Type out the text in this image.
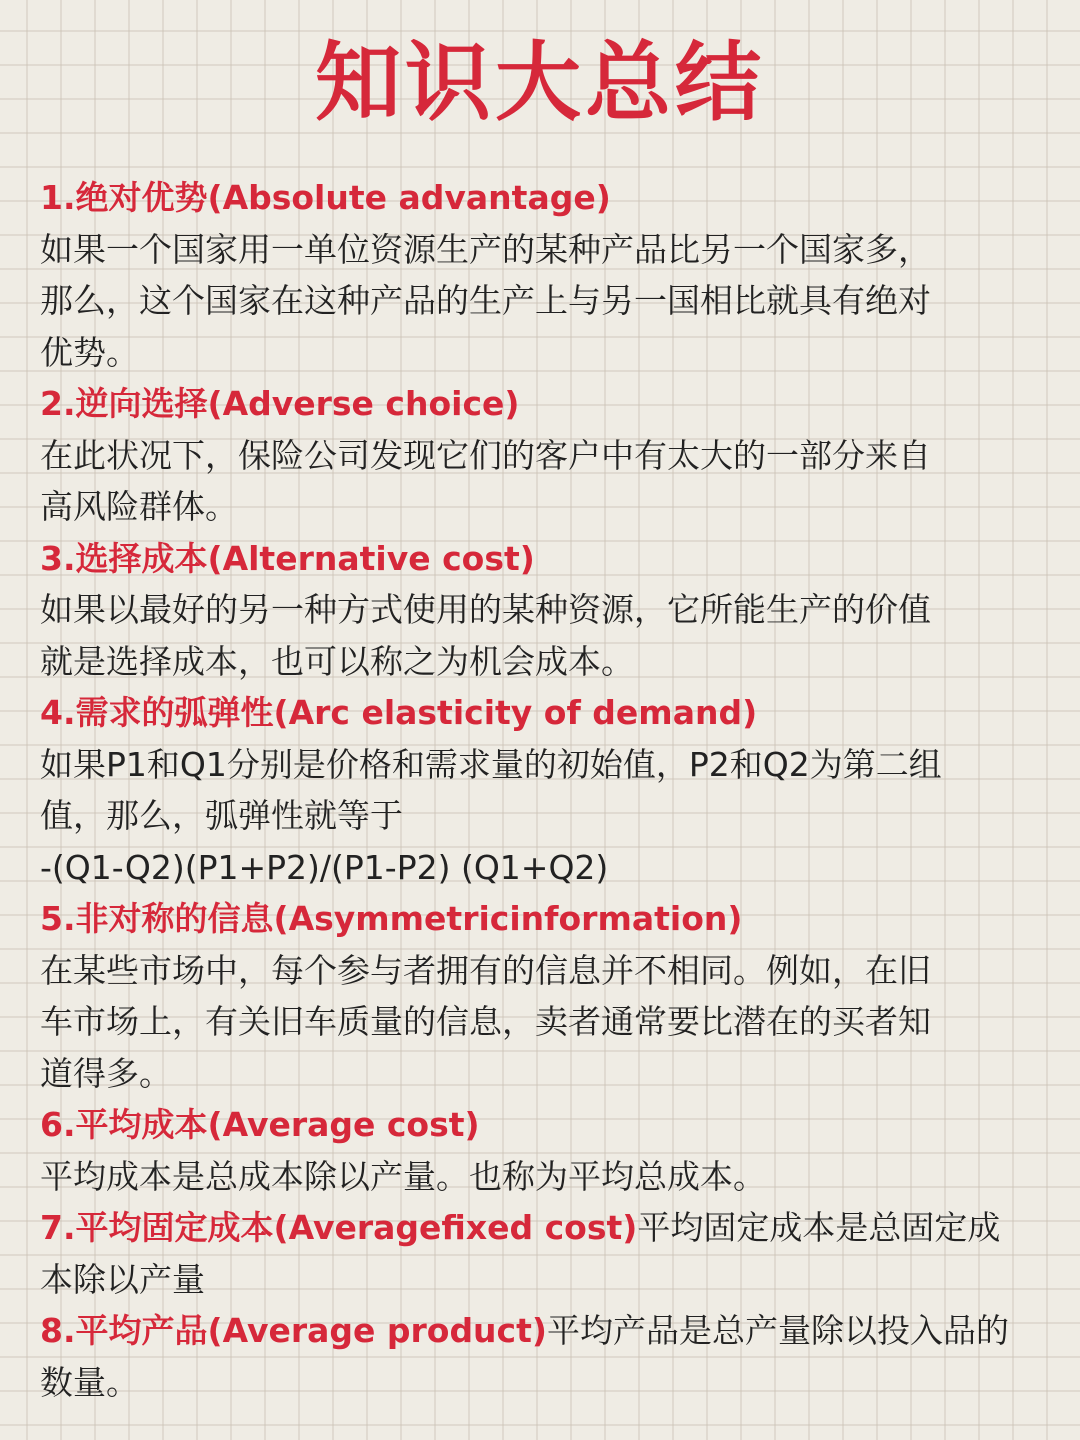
知识大总结

1.绝对优势(Absolute advantage)

如果一个国家用一单位资源生产的某种产品比另一个国家多，

那么，这个国家在这种产品的生产上与另一国相比就具有绝对

优势。

2.逆向选择(Adverse choice)

在此状况下，保险公司发现它们的客户中有太大的一部分来自

高风险群体。

3.选择成本(Alternative cost)

如果以最好的另一种方式使用的某种资源，它所能生产的价值

就是选择成本，也可以称之为机会成本。

4.需求的弧弹性(Arc elasticity of demand)

如果P1和Q1分别是价格和需求量的初始值，P2和Q2为第二组

值，那么，弧弹性就等于

-(Q1-Q2)(P1+P2)/(P1-P2) (Q1+Q2)

5.非对称的信息(Asymmetricinformation)

在某些市场中，每个参与者拥有的信息并不相同。例如，在旧

车市场上，有关旧车质量的信息，卖者通常要比潜在的买者知

道得多。

6.平均成本(Average cost)

平均成本是总成本除以产量。也称为平均总成本。

7.平均固定成本(Averagefixed cost)平均固定成本是总固定成

本除以产量

8.平均产品(Average product)平均产品是总产量除以投入品的

数量。
